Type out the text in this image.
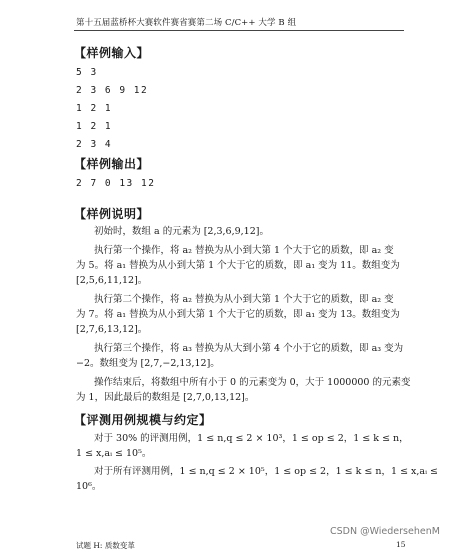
第十五届蓝桥杯大赛软件赛省赛第二场 C/C++ 大学 B 组
【样例输入】
5 3
2 3 6 9 12
1 2 1
1 2 1
2 3 4
【样例输出】
2 7 0 13 12
【样例说明】
初始时，数组 a 的元素为 [2,3,6,9,12]。
执行第一个操作，将 a₂ 替换为从小到大第 1 个大于它的质数，即 a₂ 变
为 5。将 a₁ 替换为从小到大第 1 个大于它的质数，即 a₁ 变为 11。数组变为
[2,5,6,11,12]。
执行第二个操作，将 a₂ 替换为从小到大第 1 个大于它的质数，即 a₂ 变
为 7。将 a₁ 替换为从小到大第 1 个大于它的质数，即 a₁ 变为 13。数组变为
[2,7,6,13,12]。
执行第三个操作，将 a₃ 替换为从大到小第 4 个小于它的质数，即 a₃ 变为
−2。数组变为 [2,7,−2,13,12]。
操作结束后，将数组中所有小于 0 的元素变为 0，大于 1000000 的元素变
为 1，因此最后的数组是 [2,7,0,13,12]。
【评测用例规模与约定】
对于 30% 的评测用例，1 ≤ n,q ≤ 2 × 10³，1 ≤ op ≤ 2，1 ≤ k ≤ n，
1 ≤ x,aᵢ ≤ 10⁵。
对于所有评测用例，1 ≤ n,q ≤ 2 × 10⁵，1 ≤ op ≤ 2，1 ≤ k ≤ n，1 ≤ x,aᵢ ≤
10⁶。
CSDN @WiedersehenM
试题 H: 质数变革	15
